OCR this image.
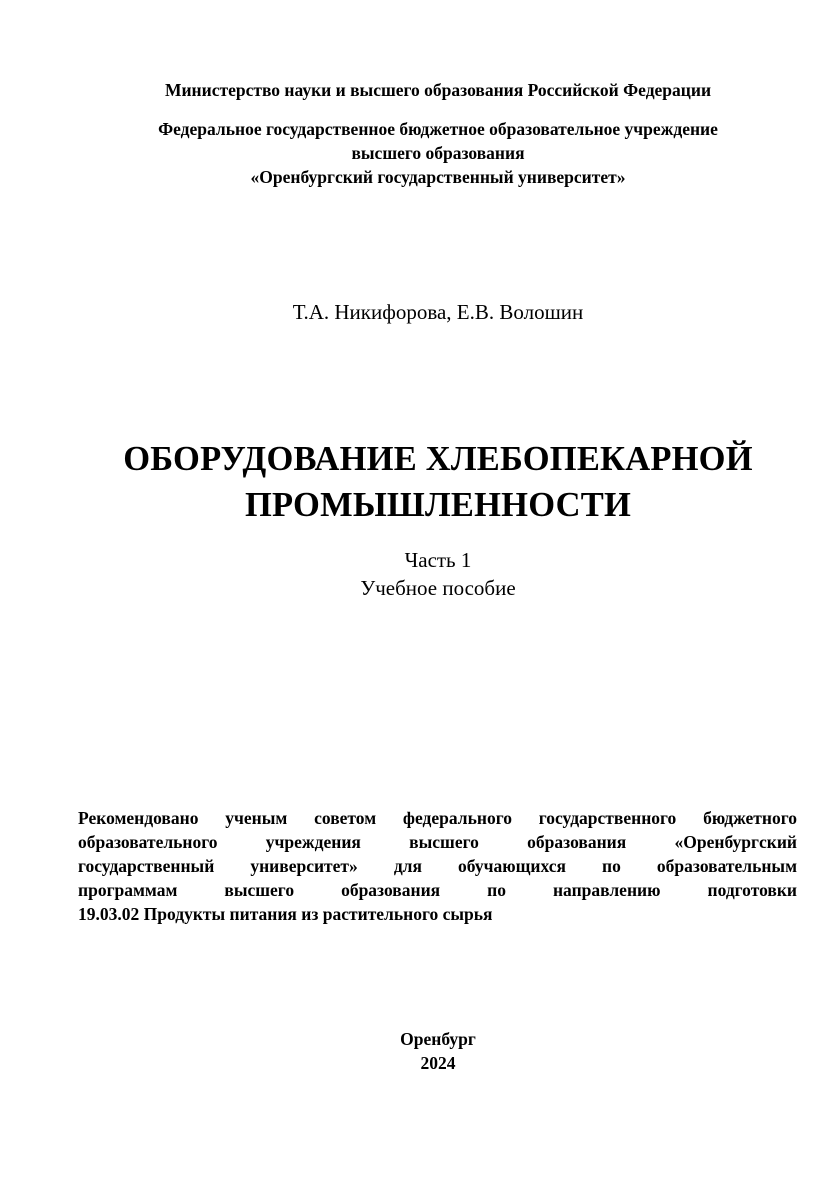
Министерство науки и высшего образования Российской Федерации
Федеральное государственное бюджетное образовательное учреждение
высшего образования
«Оренбургский государственный университет»
Т.А. Никифорова, Е.В. Волошин
ОБОРУДОВАНИЕ ХЛЕБОПЕКАРНОЙ
ПРОМЫШЛЕННОСТИ
Часть 1
Учебное пособие
Рекомендовано ученым советом федерального государственного бюджетного
образовательного учреждения высшего образования «Оренбургский
государственный университет» для обучающихся по образовательным
программам высшего образования по направлению подготовки
19.03.02 Продукты питания из растительного сырья
Оренбург
2024
